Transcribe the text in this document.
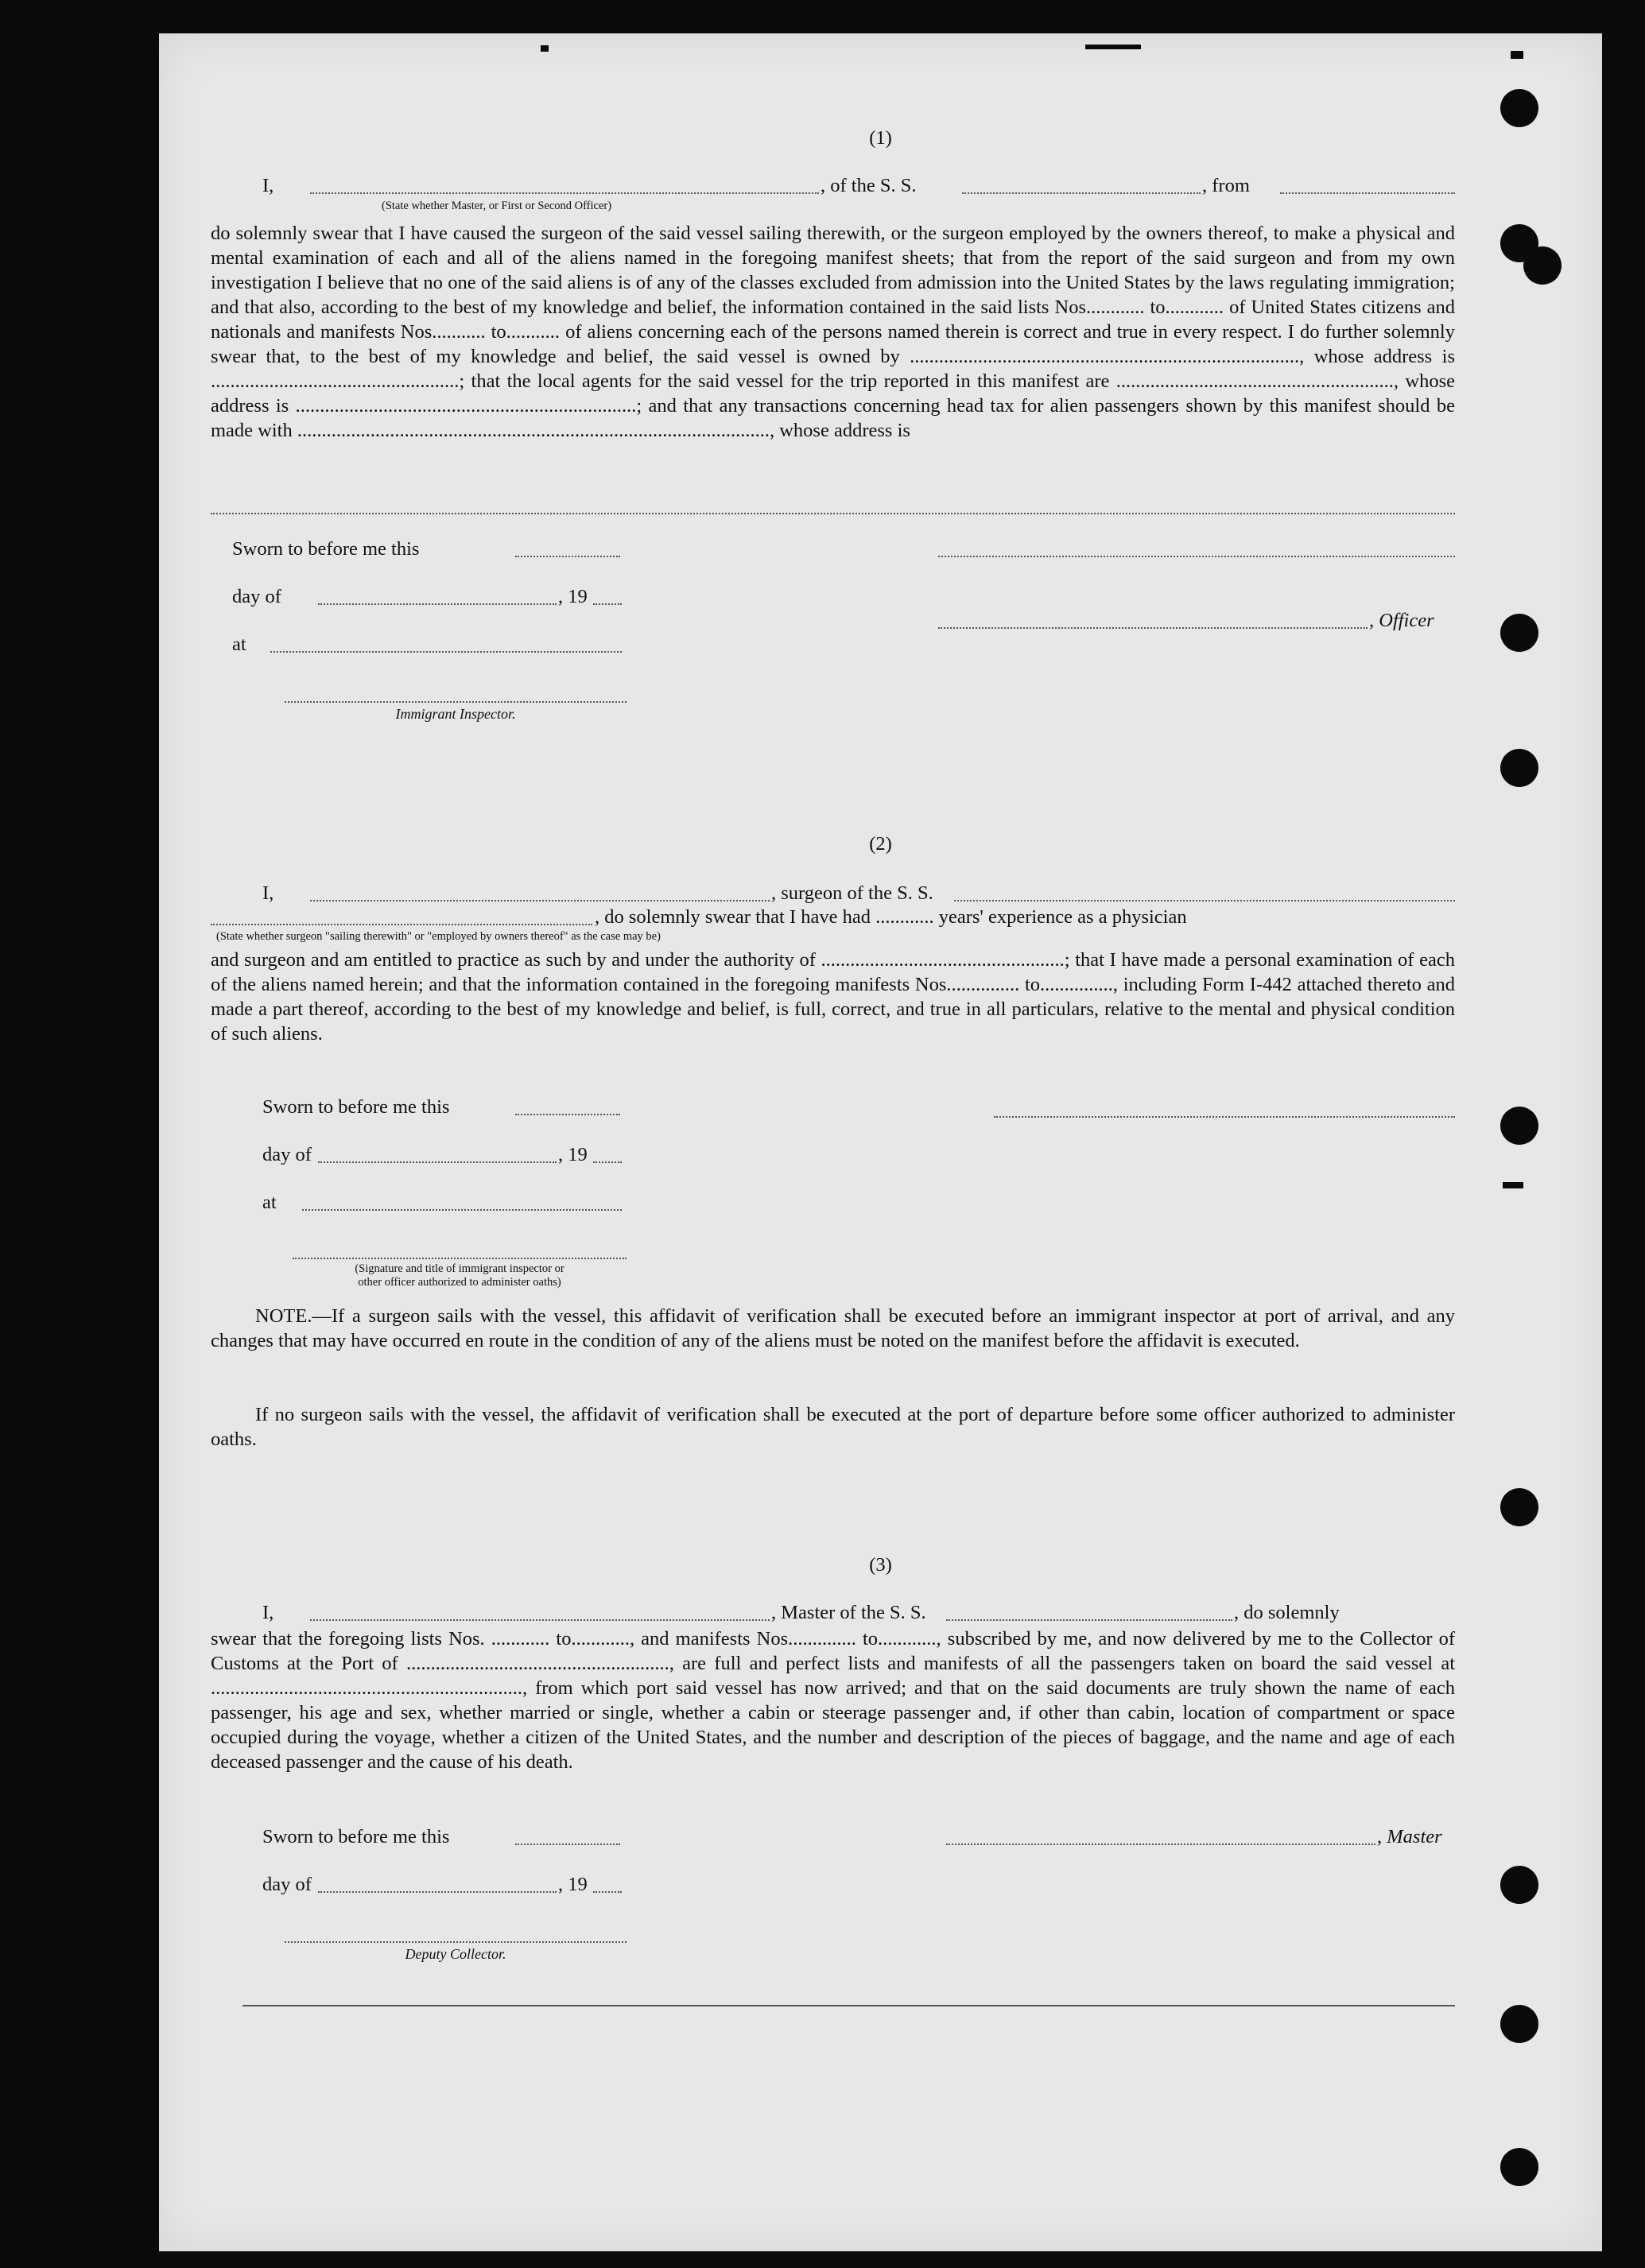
(1)
I,	, of the S. S.	, from
(State whether Master, or First or Second Officer)
do solemnly swear that I have caused the surgeon of the said vessel sailing therewith, or the surgeon employed by the owners thereof, to make a physical and mental examination of each and all of the aliens named in the foregoing manifest sheets; that from the report of the said surgeon and from my own investigation I believe that no one of the said aliens is of any of the classes excluded from admission into the United States by the laws regulating immigration; and that also, according to the best of my knowledge and belief, the information contained in the said lists Nos............ to............ of United States citizens and nationals and manifests Nos........... to........... of aliens concerning each of the persons named therein is correct and true in every respect. I do further solemnly swear that, to the best of my knowledge and belief, the said vessel is owned by ................................................................................, whose address is ...................................................; that the local agents for the said vessel for the trip reported in this manifest are ........................................................., whose address is ......................................................................; and that any transactions concerning head tax for alien passengers shown by this manifest should be made with ................................................................................................., whose address is
Sworn to before me this
day of	, 19
, Officer
at
Immigrant Inspector.
(2)
I,	, surgeon of the S. S.
, do solemnly swear that I have had ............ years' experience as a physician
(State whether surgeon "sailing therewith" or "employed by owners thereof" as the case may be)
and surgeon and am entitled to practice as such by and under the authority of ..................................................; that I have made a personal examination of each of the aliens named herein; and that the information contained in the foregoing manifests Nos............... to..............., including Form I-442 attached thereto and made a part thereof, according to the best of my knowledge and belief, is full, correct, and true in all particulars, relative to the mental and physical condition of such aliens.
Sworn to before me this
day of	, 19
at
(Signature and title of immigrant inspector or
other officer authorized to administer oaths)
NOTE.—If a surgeon sails with the vessel, this affidavit of verification shall be executed before an immigrant inspector at port of arrival, and any changes that may have occurred en route in the condition of any of the aliens must be noted on the manifest before the affidavit is executed.
If no surgeon sails with the vessel, the affidavit of verification shall be executed at the port of departure before some officer authorized to administer oaths.
(3)
I,	, Master of the S. S.	, do solemnly
swear that the foregoing lists Nos. ............ to............, and manifests Nos.............. to............, subscribed by me, and now delivered by me to the Collector of Customs at the Port of ......................................................, are full and perfect lists and manifests of all the passengers taken on board the said vessel at ................................................................, from which port said vessel has now arrived; and that on the said documents are truly shown the name of each passenger, his age and sex, whether married or single, whether a cabin or steerage passenger and, if other than cabin, location of compartment or space occupied during the voyage, whether a citizen of the United States, and the number and description of the pieces of baggage, and the name and age of each deceased passenger and the cause of his death.
Sworn to before me this	, Master
day of	, 19
Deputy Collector.
